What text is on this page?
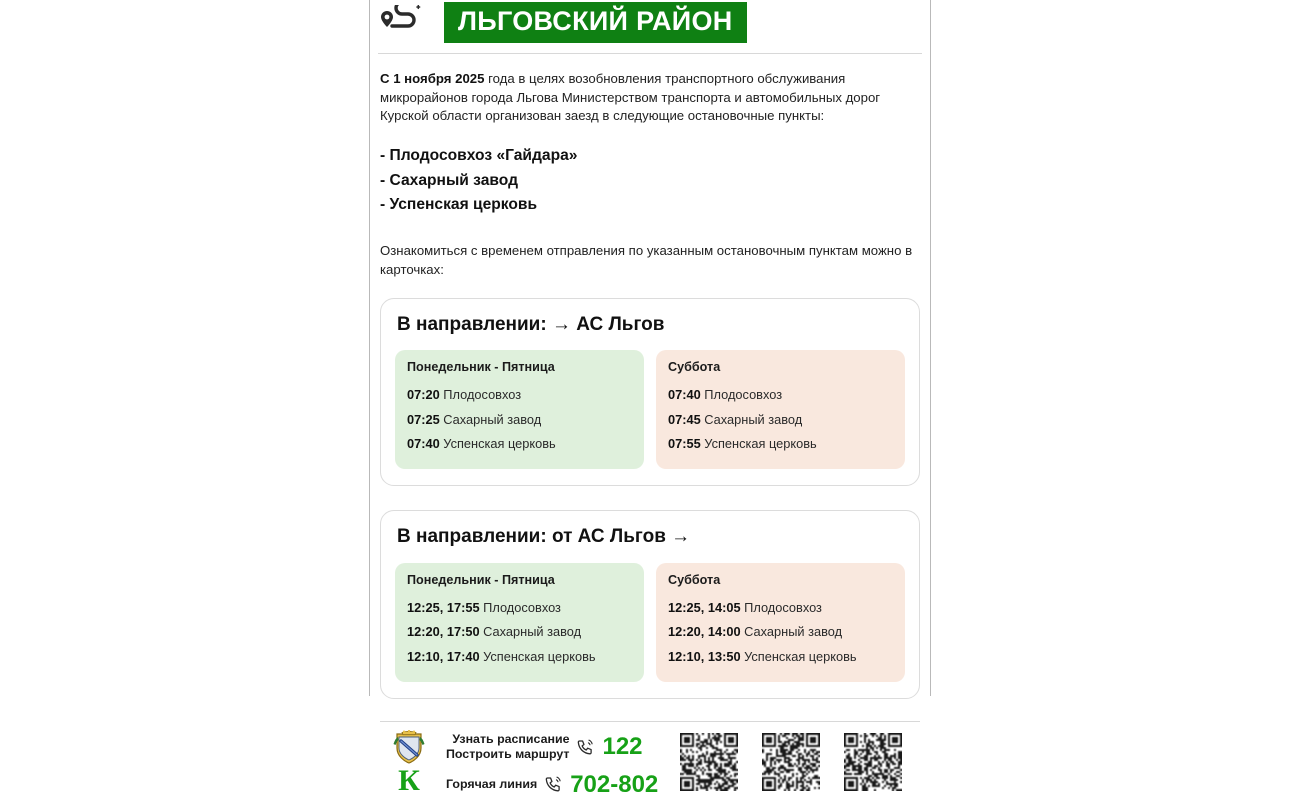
ЛЬГОВСКИЙ РАЙОН

С 1 ноября 2025 года в целях возобновления транспортного обслуживания микрорайонов города Льгова Министерством транспорта и автомобильных дорог Курской области организован заезд в следующие остановочные пункты:

- Плодосовхоз «Гайдара»
- Сахарный завод
- Успенская церковь

Ознакомиться с временем отправления по указанным остановочным пунктам можно в карточках:

В направлении: → АС Льгов
Понедельник - Пятница
07:20 Плодосовхоз
07:25 Сахарный завод
07:40 Успенская церковь
Суббота
07:40 Плодосовхоз
07:45 Сахарный завод
07:55 Успенская церковь
В направлении: от АС Льгов →
Понедельник - Пятница
12:25, 17:55 Плодосовхоз
12:20, 17:50 Сахарный завод
12:10, 17:40 Успенская церковь
Суббота
12:25, 14:05 Плодосовхоз
12:20, 14:00 Сахарный завод
12:10, 13:50 Успенская церковь
К
Узнать расписание
Построить маршрут 122
Горячая линия 702-802
